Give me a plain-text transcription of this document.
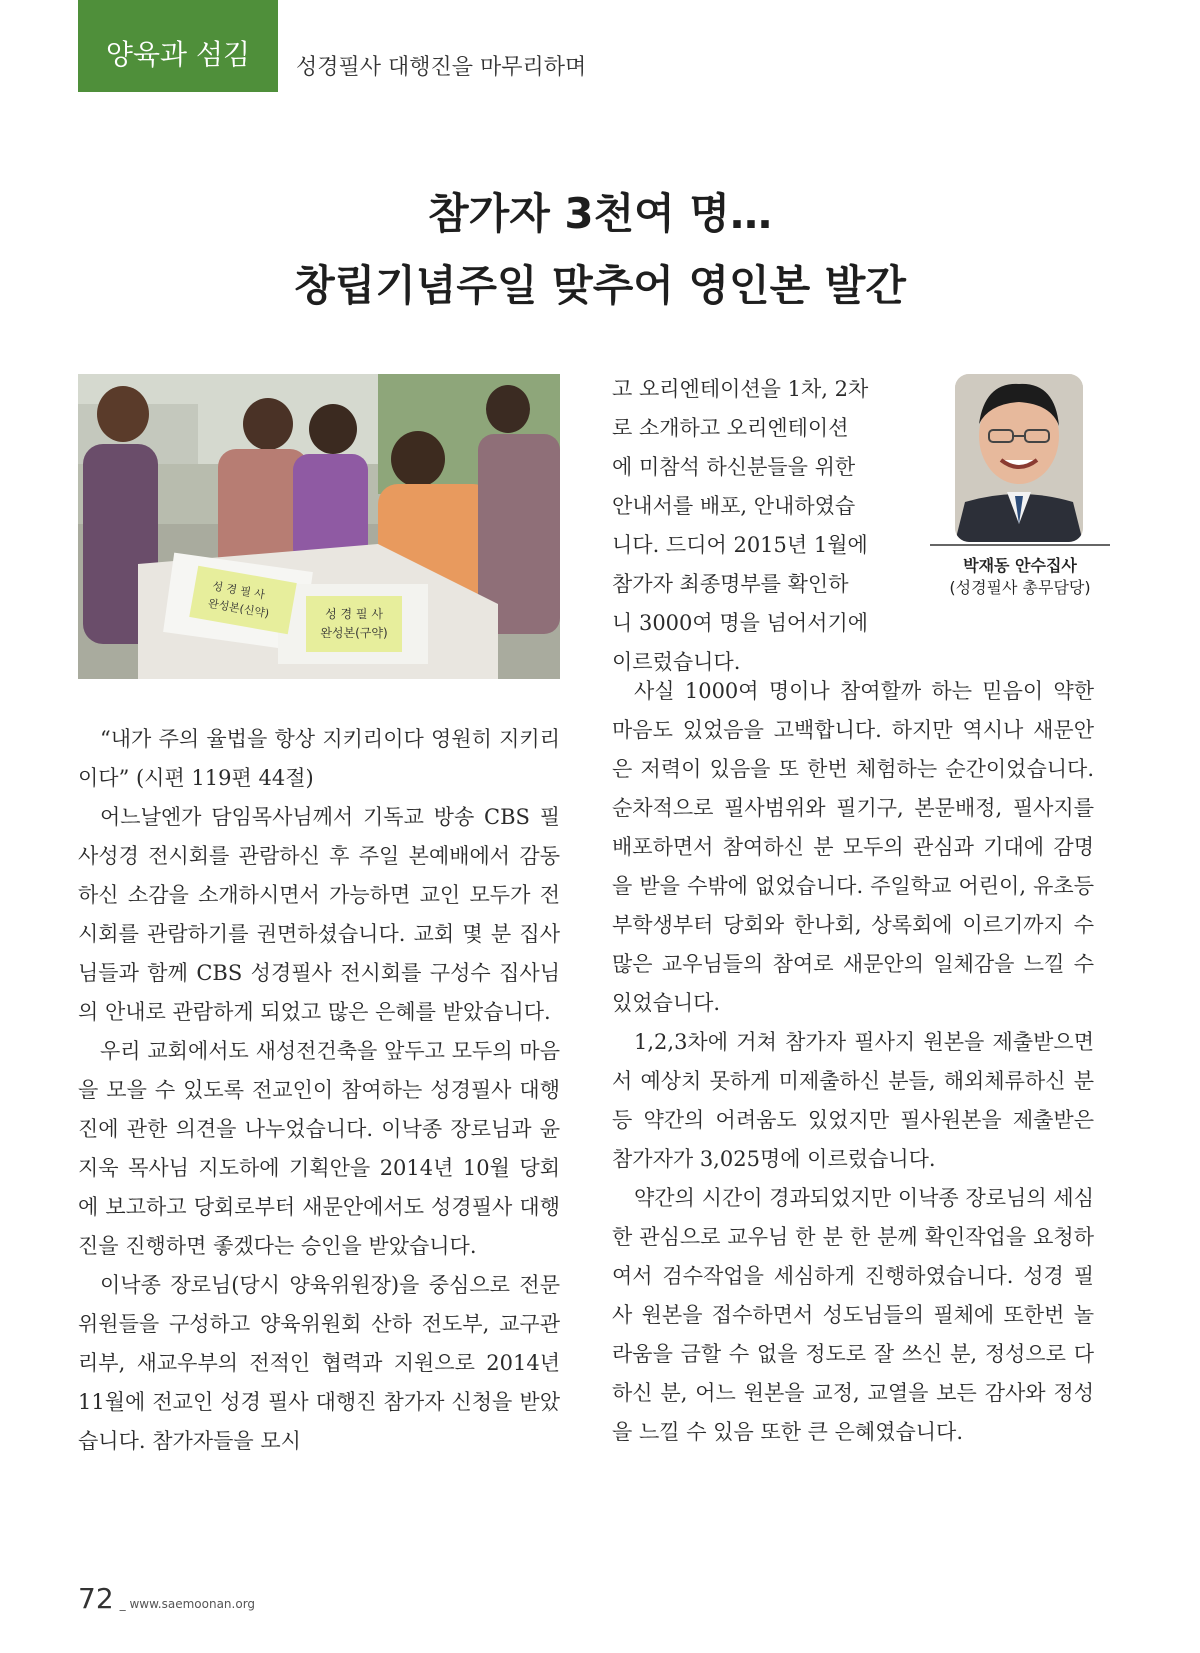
양육과 섬김 성경필사 대행진을 마무리하며
참가자 3천여 명…
창립기념주일 맞추어 영인본 발간
성 경 필 사
완성본(신약)	성 경 필 사
완성본(구약)
박재동 안수집사
(성경필사 총무담당)

고 오리엔테이션을 1차, 2차

로 소개하고 오리엔테이션

에 미참석 하신분들을 위한

안내서를 배포, 안내하였습

니다. 드디어 2015년 1월에

참가자 최종명부를 확인하

니 3000여 명을 넘어서기에

이르렀습니다.

“내가 주의 율법을 항상 지키리이다 영원히 지키리이다” (시편 119편 44절)

어느날엔가 담임목사님께서 기독교 방송 CBS 필사성경 전시회를 관람하신 후 주일 본예배에서 감동하신 소감을 소개하시면서 가능하면 교인 모두가 전시회를 관람하기를 권면하셨습니다. 교회 몇 분 집사님들과 함께 CBS 성경필사 전시회를 구성수 집사님의 안내로 관람하게 되었고 많은 은혜를 받았습니다.

우리 교회에서도 새성전건축을 앞두고 모두의 마음을 모을 수 있도록 전교인이 참여하는 성경필사 대행진에 관한 의견을 나누었습니다. 이낙종 장로님과 윤지욱 목사님 지도하에 기획안을 2014년 10월 당회에 보고하고 당회로부터 새문안에서도 성경필사 대행진을 진행하면 좋겠다는 승인을 받았습니다.

이낙종 장로님(당시 양육위원장)을 중심으로 전문위원들을 구성하고 양육위원회 산하 전도부, 교구관리부, 새교우부의 전적인 협력과 지원으로 2014년 11월에 전교인 성경 필사 대행진 참가자 신청을 받았습니다. 참가자들을 모시

사실 1000여 명이나 참여할까 하는 믿음이 약한 마음도 있었음을 고백합니다. 하지만 역시나 새문안은 저력이 있음을 또 한번 체험하는 순간이었습니다. 순차적으로 필사범위와 필기구, 본문배정, 필사지를 배포하면서 참여하신 분 모두의 관심과 기대에 감명을 받을 수밖에 없었습니다. 주일학교 어린이, 유초등부학생부터 당회와 한나회, 상록회에 이르기까지 수많은 교우님들의 참여로 새문안의 일체감을 느낄 수 있었습니다.

1,2,3차에 거쳐 참가자 필사지 원본을 제출받으면서 예상치 못하게 미제출하신 분들, 해외체류하신 분 등 약간의 어려움도 있었지만 필사원본을 제출받은 참가자가 3,025명에 이르렀습니다.

약간의 시간이 경과되었지만 이낙종 장로님의 세심한 관심으로 교우님 한 분 한 분께 확인작업을 요청하여서 검수작업을 세심하게 진행하였습니다. 성경 필사 원본을 접수하면서 성도님들의 필체에 또한번 놀라움을 금할 수 없을 정도로 잘 쓰신 분, 정성으로 다하신 분, 어느 원본을 교정, 교열을 보든 감사와 정성을 느낄 수 있음 또한 큰 은혜였습니다.

72 _ www.saemoonan.org
